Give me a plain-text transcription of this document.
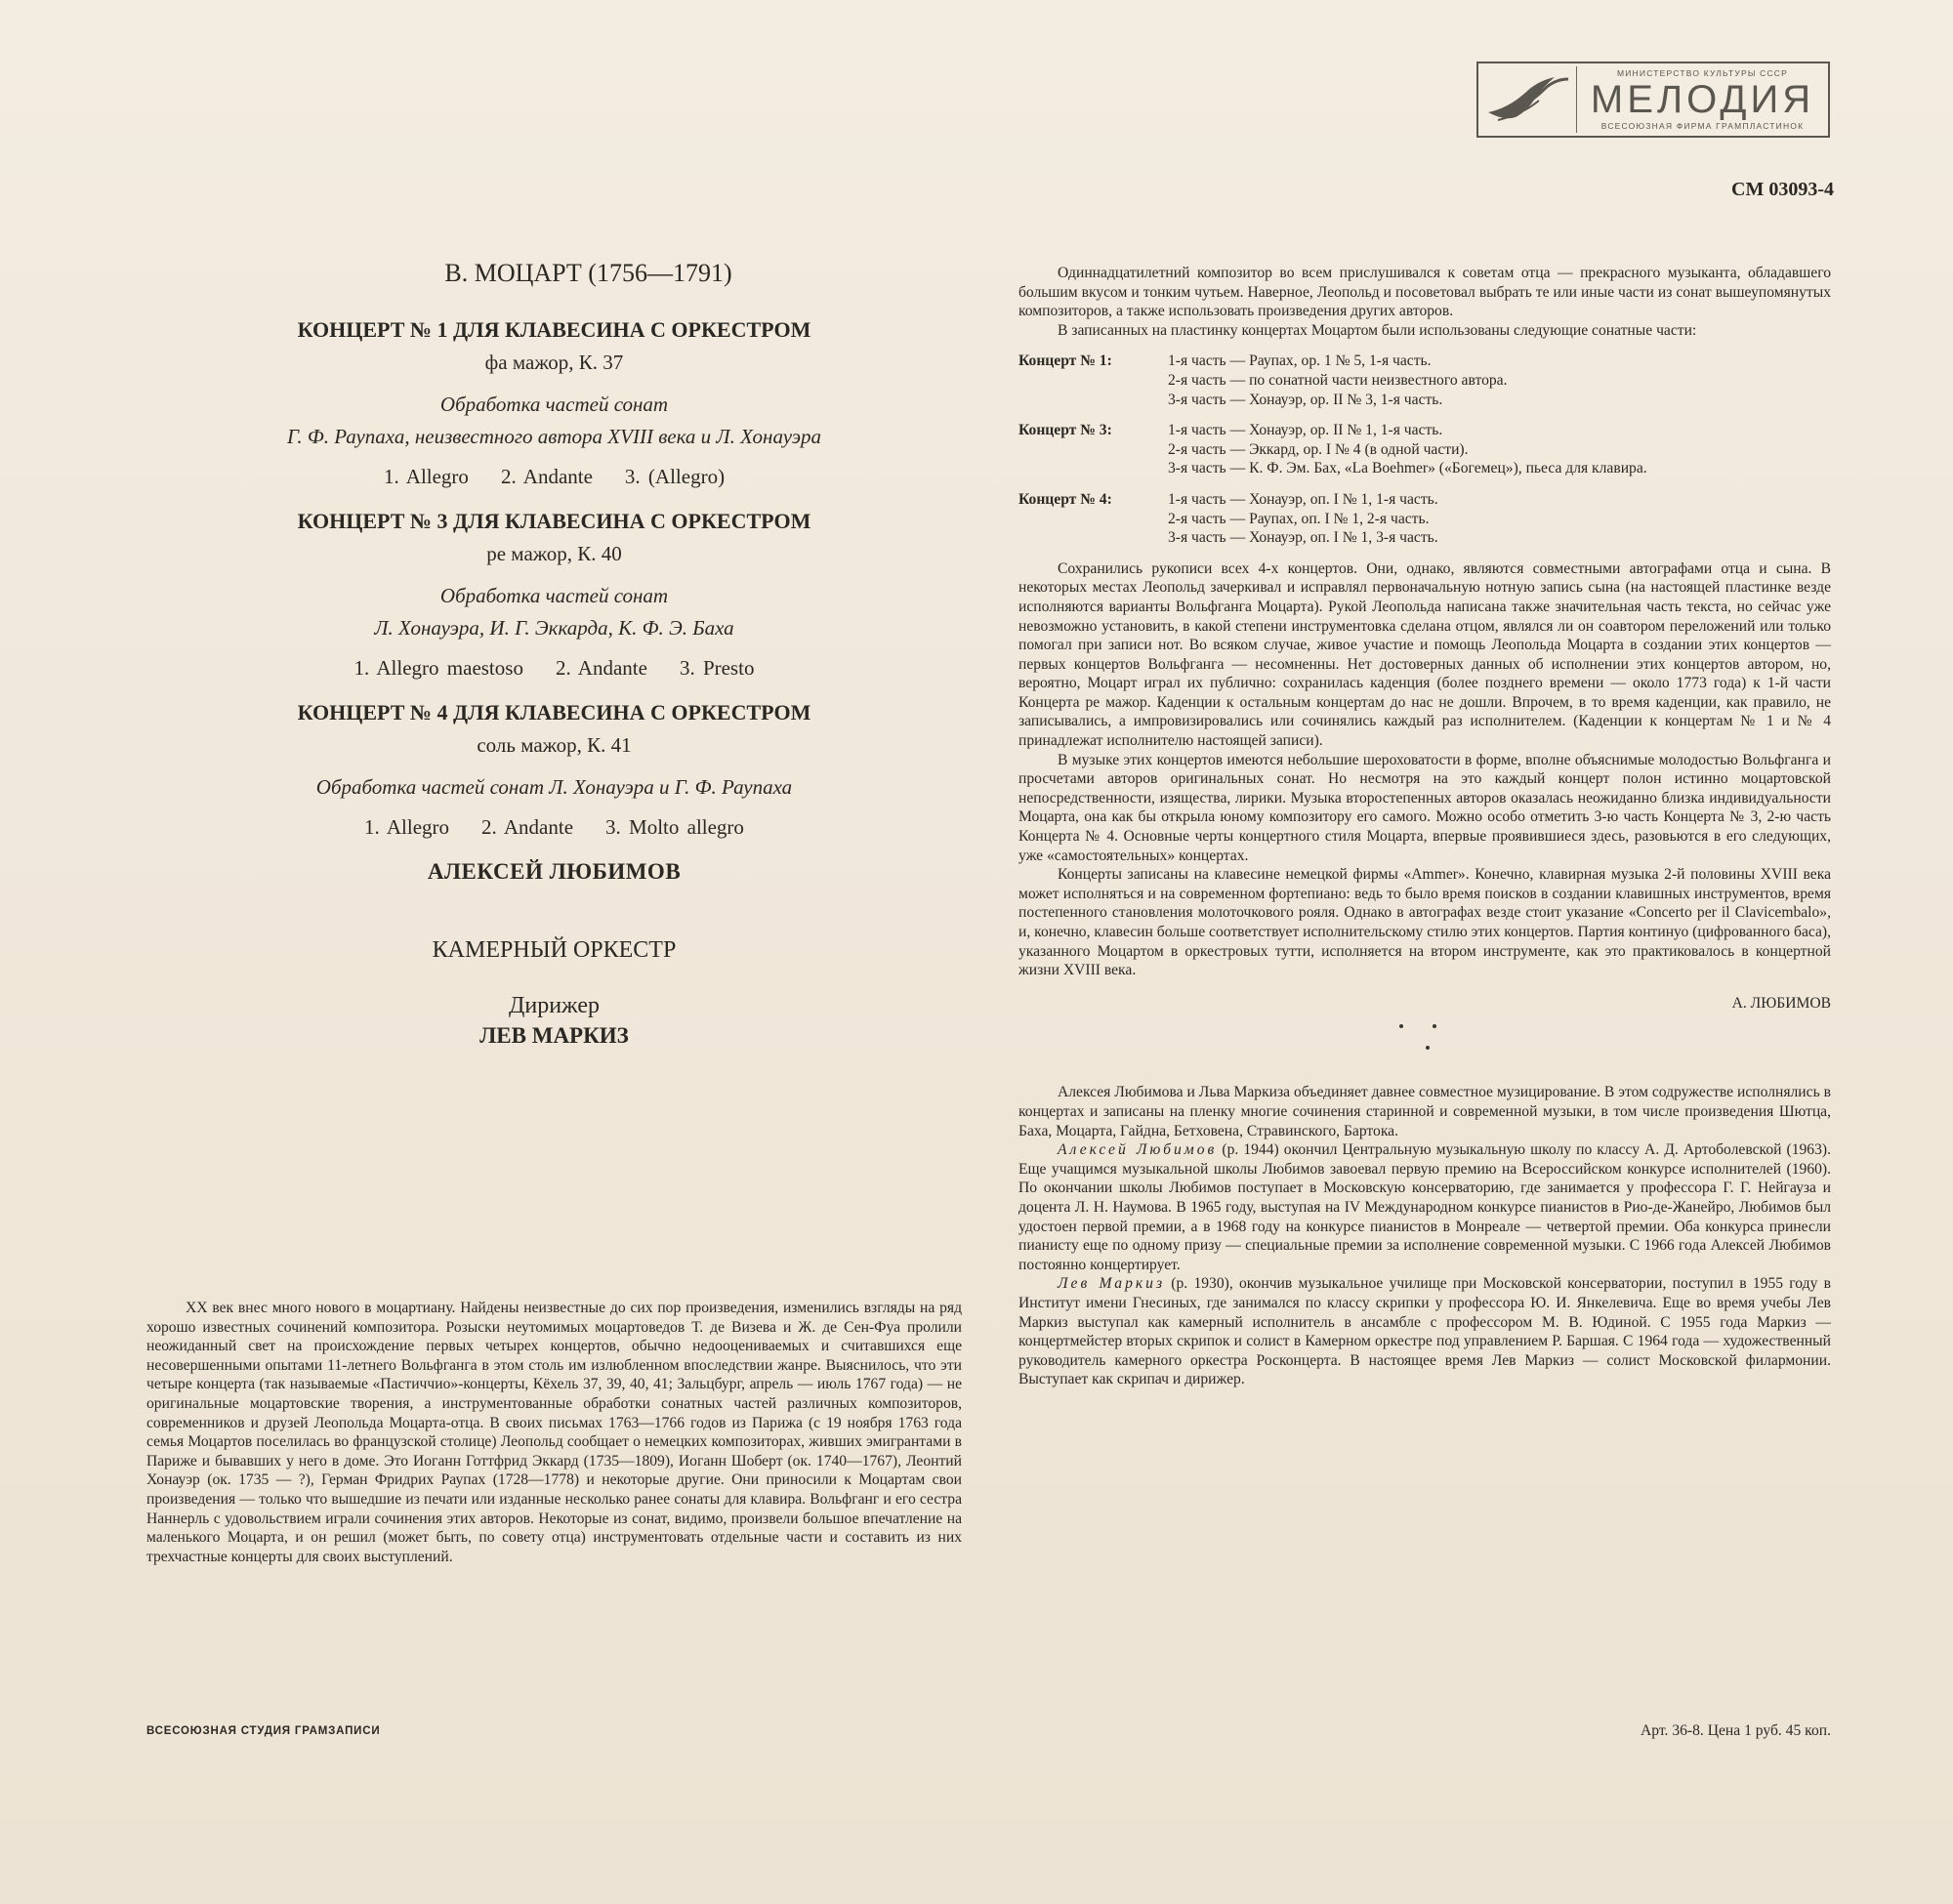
МИНИСТЕРСТВО КУЛЬТУРЫ СССР
МЕЛОДИЯ
ВСЕСОЮЗНАЯ ФИРМА ГРАМПЛАСТИНОК
СМ 03093-4
В. МОЦАРТ (1756—1791)
КОНЦЕРТ № 1 ДЛЯ КЛАВЕСИНА С ОРКЕСТРОМ
фа мажор, К. 37
Обработка частей сонат
Г. Ф. Раупаха, неизвестного автора XVIII века и Л. Хонауэра
1. Allegro 2. Andante 3. (Allegro)
КОНЦЕРТ № 3 ДЛЯ КЛАВЕСИНА С ОРКЕСТРОМ
ре мажор, К. 40
Обработка частей сонат
Л. Хонауэра, И. Г. Эккарда, К. Ф. Э. Баха
1. Allegro maestoso 2. Andante 3. Presto
КОНЦЕРТ № 4 ДЛЯ КЛАВЕСИНА С ОРКЕСТРОМ
соль мажор, К. 41
Обработка частей сонат Л. Хонауэра и Г. Ф. Раупаха
1. Allegro 2. Andante 3. Molto allegro
АЛЕКСЕЙ ЛЮБИМОВ
КАМЕРНЫЙ ОРКЕСТР
Дирижер
ЛЕВ МАРКИЗ
XX век внес много нового в моцартиану. Найдены неизвестные до сих пор произведения, изменились взгляды на ряд хорошо известных сочинений композитора. Розыски неутомимых моцартоведов Т. де Визева и Ж. де Сен-Фуа пролили неожиданный свет на происхождение первых четырех концертов, обычно недооцениваемых и считавшихся еще несовершенными опытами 11-летнего Вольфганга в этом столь им излюбленном впоследствии жанре. Выяснилось, что эти четыре концерта (так называемые «Пастиччио»-концерты, Кёхель 37, 39, 40, 41; Зальцбург, апрель — июль 1767 года) — не оригинальные моцартовские творения, а инструментованные обработки сонатных частей различных композиторов, современников и друзей Леопольда Моцарта-отца. В своих письмах 1763—1766 годов из Парижа (с 19 ноября 1763 года семья Моцартов поселилась во французской столице) Леопольд сообщает о немецких композиторах, живших эмигрантами в Париже и бывавших у него в доме. Это Иоганн Готтфрид Эккард (1735—1809), Иоганн Шоберт (ок. 1740—1767), Леонтий Хонауэр (ок. 1735 — ?), Герман Фридрих Раупах (1728—1778) и некоторые другие. Они приносили к Моцартам свои произведения — только что вышедшие из печати или изданные несколько ранее сонаты для клавира. Вольфганг и его сестра Наннерль с удовольствием играли сочинения этих авторов. Некоторые из сонат, видимо, произвели большое впечатление на маленького Моцарта, и он решил (может быть, по совету отца) инструментовать отдельные части и составить из них трехчастные концерты для своих выступлений.
ВСЕСОЮЗНАЯ СТУДИЯ ГРАМЗАПИСИ

Одиннадцатилетний композитор во всем прислушивался к советам отца — прекрасного музыканта, обладавшего большим вкусом и тонким чутьем. Наверное, Леопольд и посоветовал выбрать те или иные части из сонат вышеупомянутых композиторов, а также использовать произведения других авторов.

В записанных на пластинку концертах Моцартом были использованы следующие сонатные части:

Концерт № 1:	1-я часть — Раупах, ор. 1 № 5, 1-я часть.
2-я часть — по сонатной части неизвестного автора.
3-я часть — Хонауэр, ор. II № 3, 1-я часть.
Концерт № 3:	1-я часть — Хонауэр, ор. II № 1, 1-я часть.
2-я часть — Эккард, ор. I № 4 (в одной части).
3-я часть — К. Ф. Эм. Бах, «La Boehmer» («Богемец»), пьеса для клавира.
Концерт № 4:	1-я часть — Хонауэр, оп. I № 1, 1-я часть.
2-я часть — Раупах, оп. I № 1, 2-я часть.
3-я часть — Хонауэр, оп. I № 1, 3-я часть.

Сохранились рукописи всех 4-х концертов. Они, однако, являются совместными автографами отца и сына. В некоторых местах Леопольд зачеркивал и исправлял первоначальную нотную запись сына (на настоящей пластинке везде исполняются варианты Вольфганга Моцарта). Рукой Леопольда написана также значительная часть текста, но сейчас уже невозможно установить, в какой степени инструментовка сделана отцом, являлся ли он соавтором переложений или только помогал при записи нот. Во всяком случае, живое участие и помощь Леопольда Моцарта в создании этих концертов — первых концертов Вольфганга — несомненны. Нет достоверных данных об исполнении этих концертов автором, но, вероятно, Моцарт играл их публично: сохранилась каденция (более позднего времени — около 1773 года) к 1-й части Концерта ре мажор. Каденции к остальным концертам до нас не дошли. Впрочем, в то время каденции, как правило, не записывались, а импровизировались или сочинялись каждый раз исполнителем. (Каденции к концертам № 1 и № 4 принадлежат исполнителю настоящей записи).

В музыке этих концертов имеются небольшие шероховатости в форме, вполне объяснимые молодостью Вольфганга и просчетами авторов оригинальных сонат. Но несмотря на это каждый концерт полон истинно моцартовской непосредственности, изящества, лирики. Музыка второстепенных авторов оказалась неожиданно близка индивидуальности Моцарта, она как бы открыла юному композитору его самого. Можно особо отметить 3-ю часть Концерта № 3, 2-ю часть Концерта № 4. Основные черты концертного стиля Моцарта, впервые проявившиеся здесь, разовьются в его следующих, уже «самостоятельных» концертах.

Концерты записаны на клавесине немецкой фирмы «Ammer». Конечно, клавирная музыка 2-й половины XVIII века может исполняться и на современном фортепиано: ведь то было время поисков в создании клавишных инструментов, время постепенного становления молоточкового рояля. Однако в автографах везде стоит указание «Concerto per il Clavicembalo», и, конечно, клавесин больше соответствует исполнительскому стилю этих концертов. Партия континуо (цифрованного баса), указанного Моцартом в оркестровых тутти, исполняется на втором инструменте, как это практиковалось в концертной жизни XVIII века.

А. ЛЮБИМОВ

Алексея Любимова и Льва Маркиза объединяет давнее совместное музицирование. В этом содружестве исполнялись в концертах и записаны на пленку многие сочинения старинной и современной музыки, в том числе произведения Шютца, Баха, Моцарта, Гайдна, Бетховена, Стравинского, Бартока.

Алексей Любимов (р. 1944) окончил Центральную музыкальную школу по классу А. Д. Артоболевской (1963). Еще учащимся музыкальной школы Любимов завоевал первую премию на Всероссийском конкурсе исполнителей (1960). По окончании школы Любимов поступает в Московскую консерваторию, где занимается у профессора Г. Г. Нейгауза и доцента Л. Н. Наумова. В 1965 году, выступая на IV Международном конкурсе пианистов в Рио-де-Жанейро, Любимов был удостоен первой премии, а в 1968 году на конкурсе пианистов в Монреале — четвертой премии. Оба конкурса принесли пианисту еще по одному призу — специальные премии за исполнение современной музыки. С 1966 года Алексей Любимов постоянно концертирует.

Лев Маркиз (р. 1930), окончив музыкальное училище при Московской консерватории, поступил в 1955 году в Институт имени Гнесиных, где занимался по классу скрипки у профессора Ю. И. Янкелевича. Еще во время учебы Лев Маркиз выступал как камерный исполнитель в ансамбле с профессором М. В. Юдиной. С 1955 года Маркиз — концертмейстер вторых скрипок и солист в Камерном оркестре под управлением Р. Баршая. С 1964 года — художественный руководитель камерного оркестра Росконцерта. В настоящее время Лев Маркиз — солист Московской филармонии. Выступает как скрипач и дирижер.

Арт. 36-8. Цена 1 руб. 45 коп.
